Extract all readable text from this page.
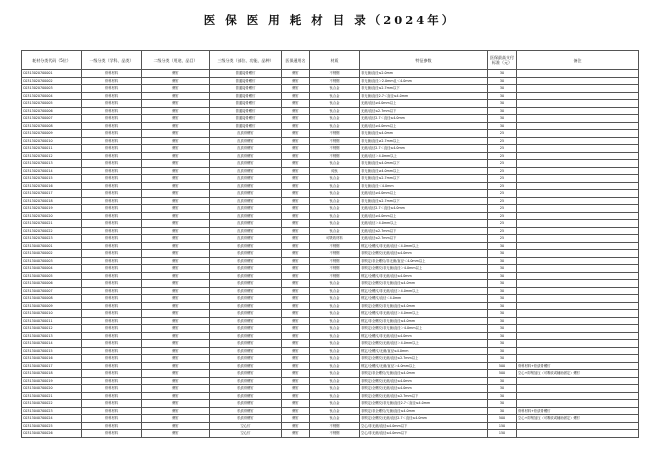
医 保 医 用 耗 材 目 录（2024年）
耗材分类代码（5位）	一级分类（学科、品类）	二级分类（用途、品目）	三级分类（部位、功能、品种）	医保通用名	材质	特征参数	医保最高支付标准（元）	备注
C0313020700001	骨科材料	螺钉	普通接骨螺钉	螺钉	不锈钢	非无菌/直径≤2.0mm	30	
C0313020700002	骨科材料	螺钉	普通接骨螺钉	螺钉	不锈钢	非无菌/直径＞2.0mm且＜4.0mm	30	
C0313020700003	骨科材料	螺钉	普通接骨螺钉	螺钉	钛合金	非无菌/直径≤2.7mm以下	30	
C0313020700004	骨科材料	螺钉	普通接骨螺钉	螺钉	钛合金	非无菌/直径2.7＜直径≤4.0mm	30	
C0313020700005	骨科材料	螺钉	普通接骨螺钉	螺钉	钛合金	无菌/直径≥4.0mm以上	30	
C0313020700006	骨科材料	螺钉	普通接骨螺钉	螺钉	钛合金	无菌/直径≤2.7mm以下	30	
C0313020700007	骨科材料	螺钉	普通接骨螺钉	螺钉	钛合金	无菌/直径2.7＜直径≤4.0mm	30	
C0313020700008	骨科材料	螺钉	普通接骨螺钉	螺钉	钛合金	无菌/直径≥4.0mm以上	30	
C0313020700009	骨科材料	螺钉	皮质骨螺钉	螺钉	不锈钢	非无菌/直径≤4.0mm	25	
C0313020700010	骨科材料	螺钉	皮质骨螺钉	螺钉	不锈钢	非无菌/直径≥2.7mm以上	25	
C0313020700011	骨科材料	螺钉	皮质骨螺钉	螺钉	不锈钢	无菌/直径2.7＜直径≤4.0mm	25	
C0313020700012	骨科材料	螺钉	皮质骨螺钉	螺钉	不锈钢	无菌/直径＞4.0mm以上	25	
C0313020700013	骨科材料	螺钉	皮质骨螺钉	螺钉	钛合金	非无菌/直径≤4.0mm以下	25	
C0313020700014	骨科材料	螺钉	皮质骨螺钉	螺钉	纯钛	非无菌/直径≥4.0mm以上	25	
C0313020700015	骨科材料	螺钉	皮质骨螺钉	螺钉	钛合金	非无菌/直径≤2.7mm以下	25	
C0313020700016	骨科材料	螺钉	皮质骨螺钉	螺钉	钛合金	非无菌/直径＜4.0mm	25	
C0313020700017	骨科材料	螺钉	皮质骨螺钉	螺钉	钛合金	无菌/直径≥4.0mm以上	25	
C0313020700018	骨科材料	螺钉	皮质骨螺钉	螺钉	钛合金	非无菌/直径≤2.7mm以下	25	
C0313020700019	骨科材料	螺钉	皮质骨螺钉	螺钉	钛合金	无菌/直径2.7＜直径≤4.0mm	25	
C0313020700020	骨科材料	螺钉	皮质骨螺钉	螺钉	钛合金	无菌/直径≥4.0mm以上	25	
C0313020700021	骨科材料	螺钉	皮质骨螺钉	螺钉	钛合金	无菌/直径＞4.0mm以上	25	
C0313020700022	骨科材料	螺钉	皮质骨螺钉	螺钉	钛合金	无菌/直径≤2.7mm以下	25	
C0313020700023	骨科材料	螺钉	皮质骨螺钉	螺钉	可吸收材料	无菌/直径≤2.7mm以下	25	
C0313040700001	骨科材料	螺钉	松质骨螺钉	螺钉	不锈钢	锁定/全螺纹/非无菌/直径＜4.0mm以上	30	
C0313040700002	骨科材料	螺钉	松质骨螺钉	螺钉	不锈钢	非锁定/全螺纹/无菌/直径≤4.0mm	30	
C0313040700003	骨科材料	螺钉	松质骨螺钉	螺钉	不锈钢	非锁定/非全螺纹/非无菌/直径＜4.0mm以上	30	
C0313040700004	骨科材料	螺钉	松质骨螺钉	螺钉	不锈钢	非锁定/全螺纹/非无菌/直径＞4.0mm以上	30	
C0313040700005	骨科材料	螺钉	松质骨螺钉	螺钉	不锈钢	锁定/全螺纹/非无菌/直径≤4.0mm	30	
C0313040700006	骨科材料	螺钉	松质骨螺钉	螺钉	钛合金	非锁定/全螺纹/非无菌/直径≤4.0mm	30	
C0313040700007	骨科材料	螺钉	松质骨螺钉	螺钉	钛合金	锁定/全螺纹/非无菌/直径＞4.0mm以上	30	
C0313040700008	骨科材料	螺钉	松质骨螺钉	螺钉	钛合金	锁定/全螺纹/直径＜4.0mm	30	
C0313040700009	骨科材料	螺钉	松质骨螺钉	螺钉	钛合金	非锁定/全螺纹/非无菌/直径≤4.0mm	30	
C0313040700010	骨科材料	螺钉	松质骨螺钉	螺钉	钛合金	锁定/全螺纹/非无菌/直径＞4.0mm以上	30	
C0313040700011	骨科材料	螺钉	松质骨螺钉	螺钉	钛合金	锁定/非全螺纹/非无菌/直径≤4.0mm	30	
C0313040700012	骨科材料	螺钉	松质骨螺钉	螺钉	钛合金	非锁定/全螺纹/非无菌/直径＞4.0mm以上	30	
C0313040700013	骨科材料	螺钉	松质骨螺钉	螺钉	钛合金	锁定/全螺纹/非无菌/直径≤4.0mm	30	
C0313040700014	骨科材料	螺钉	松质骨螺钉	螺钉	钛合金	非锁定/全螺纹/无菌/直径＞4.0mm以上	30	
C0313040700015	骨科材料	螺钉	松质骨螺钉	螺钉	钛合金	锁定/全螺纹/无菌/直径≤4.0mm	30	
C0313040700016	骨科材料	螺钉	松质骨螺钉	螺钉	钛合金	非锁定/全螺纹/无菌/直径≤2.7mm以上	30	
C0313040700017	骨科材料	螺钉	松质骨螺钉	螺钉	钛合金	锁定/全螺纹/无菌/直径＞4.0mm以上	500	骨科材料+松质骨螺钉
C0313040700018	骨科材料	螺钉	松质骨螺钉	螺钉	钛合金	非锁定/非全螺纹/无菌/直径≤4.0mm	500	空心+即刻加压（可吸收或辅助固定）螺钉
C0313040700019	骨科材料	螺钉	松质骨螺钉	螺钉	钛合金	非锁定/全螺纹/无菌/直径≤4.0mm	30	
C0313040700020	骨科材料	螺钉	松质骨螺钉	螺钉	钛合金	非锁定/全螺纹/无菌/直径≤4.0mm	30	
C0313040700021	骨科材料	螺钉	松质骨螺钉	螺钉	钛合金	非锁定/全螺纹/无菌/直径≤2.7mm以下	30	
C0313040700022	骨科材料	螺钉	松质骨螺钉	螺钉	钛合金	非锁定/全螺纹/非无菌/直径2.7＜直径≤4.0mm	30	
C0313040700023	骨科材料	螺钉	松质骨螺钉	螺钉	钛合金	非锁定/非全螺纹/无菌/直径≤4.0mm	30	骨科材料+松质骨螺钉
C0313040700024	骨科材料	螺钉	松质骨螺钉	螺钉	钛合金	非锁定/全螺纹/无菌/直径2.7＜直径≤4.0mm	500	空心+即刻加压（可吸收或辅助固定）螺钉
C0313040700025	骨科材料	螺钉	空心钉	螺钉	不锈钢	空心/非无菌/直径≤4.0mm以下	150	
C0313040700026	骨科材料	螺钉	空心钉	螺钉	不锈钢	空心/非无菌/直径≤4.0mm以下	150	
